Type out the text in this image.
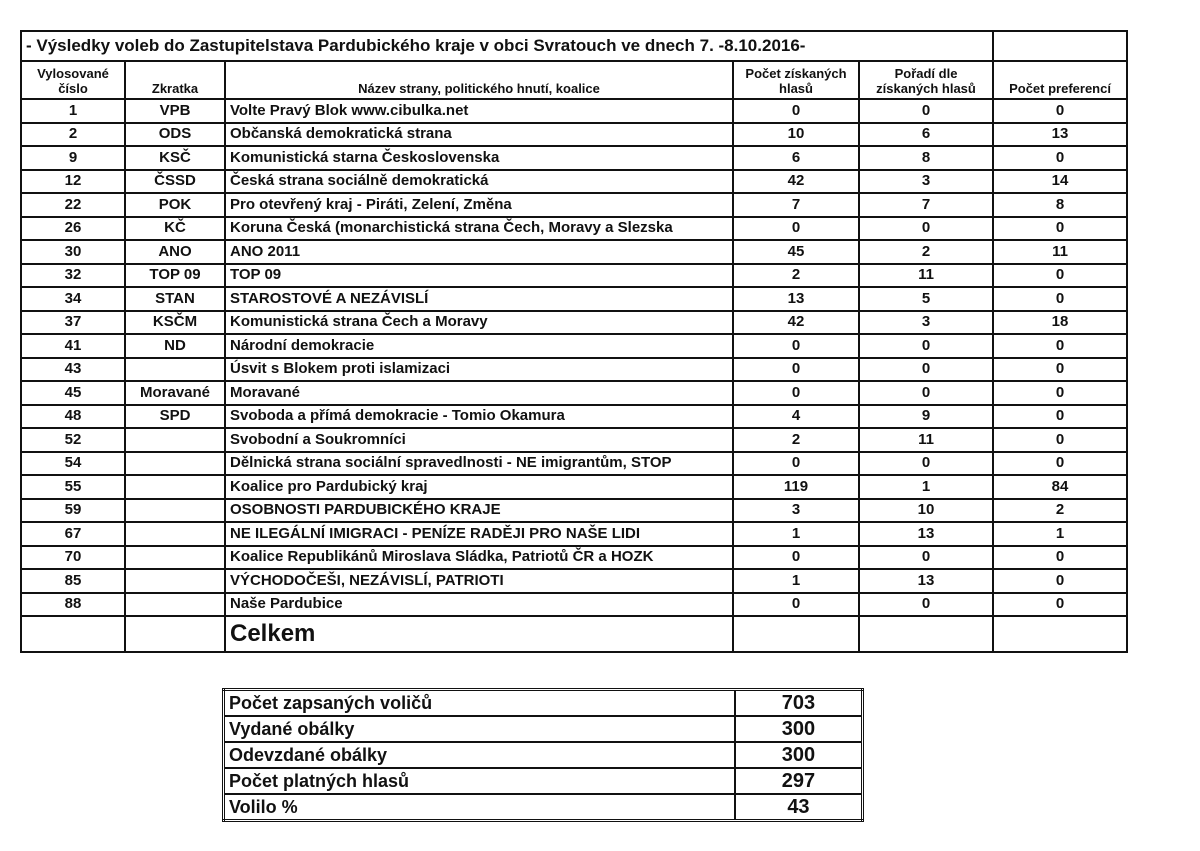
- Výsledky voleb do Zastupitelstava Pardubického kraje v obci Svratouch ve dnech 7. -8.10.2016-					
Vylosované číslo	Zkratka	Název strany, politického hnutí, koalice	Počet získaných hlasů	Pořadí dle získaných hlasů	Počet preferencí
1	VPB	Volte Pravý Blok www.cibulka.net	0	0	0
2	ODS	Občanská demokratická strana	10	6	13
9	KSČ	Komunistická starna Československa	6	8	0
12	ČSSD	Česká strana sociálně demokratická	42	3	14
22	POK	Pro otevřený kraj - Piráti, Zelení, Změna	7	7	8
26	KČ	Koruna Česká (monarchistická strana Čech, Moravy a Slezska	0	0	0
30	ANO	ANO 2011	45	2	11
32	TOP 09	TOP 09	2	11	0
34	STAN	STAROSTOVÉ A NEZÁVISLÍ	13	5	0
37	KSČM	Komunistická strana Čech a Moravy	42	3	18
41	ND	Národní demokracie	0	0	0
43		Úsvit s Blokem proti islamizaci	0	0	0
45	Moravané	Moravané	0	0	0
48	SPD	Svoboda a přímá demokracie - Tomio Okamura	4	9	0
52		Svobodní a Soukromníci	2	11	0
54		Dělnická strana sociální spravedlnosti - NE imigrantům, STOP	0	0	0
55		Koalice pro Pardubický kraj	119	1	84
59		OSOBNOSTI PARDUBICKÉHO KRAJE	3	10	2
67		NE ILEGÁLNÍ IMIGRACI - PENÍZE RADĚJI PRO NAŠE LIDI	1	13	1
70		Koalice Republikánů Miroslava Sládka, Patriotů ČR a HOZK	0	0	0
85		VÝCHODOČEŠI, NEZÁVISLÍ, PATRIOTI	1	13	0
88		Naše Pardubice	0	0	0
		Celkem			
Počet zapsaných voličů	703
Vydané obálky	300
Odevzdané obálky	300
Počet platných hlasů	297
Volilo %	43
